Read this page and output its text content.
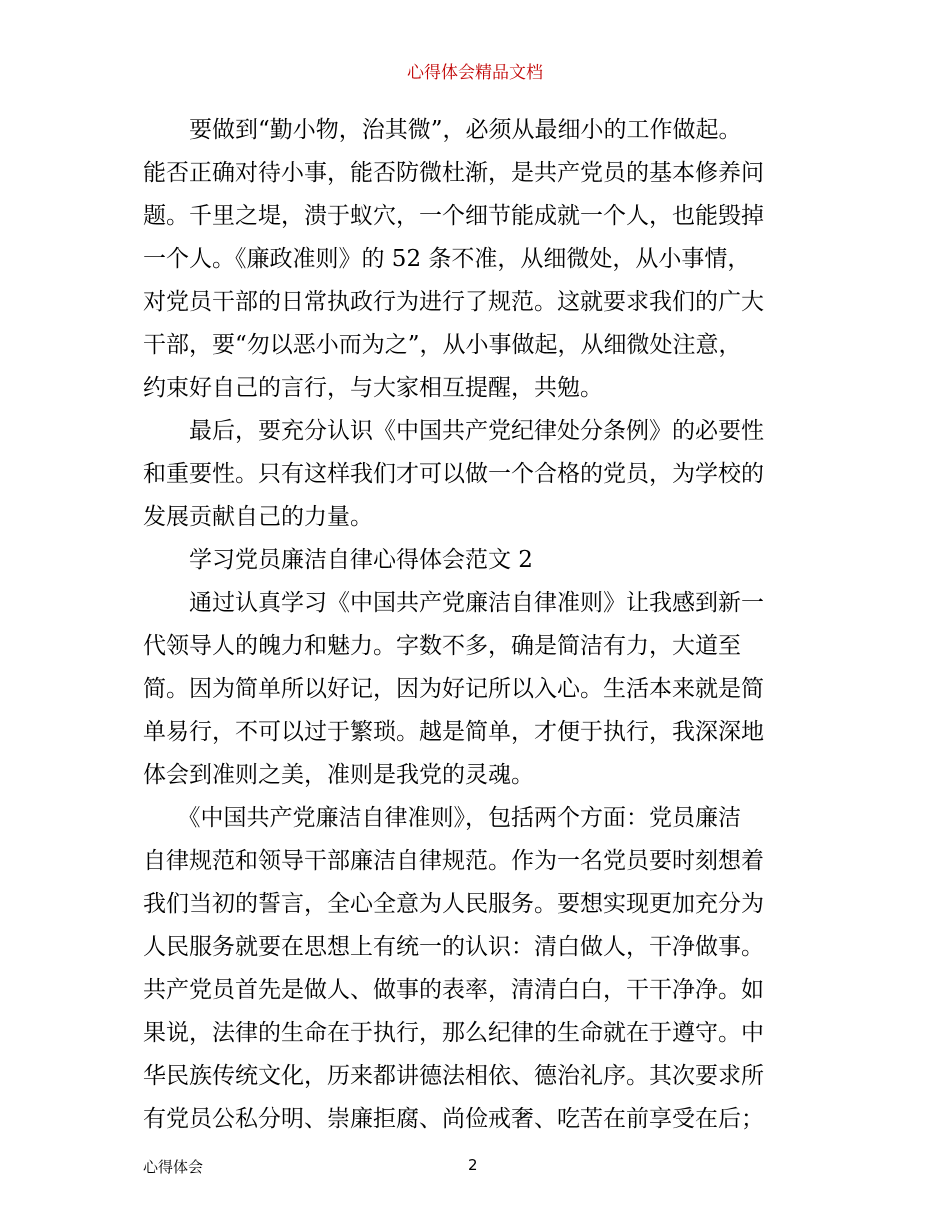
心得体会精品文档
　　要做到“勤小物，治其微”，必须从最细小的工作做起。
能否正确对待小事，能否防微杜渐，是共产党员的基本修养问
题。千里之堤，溃于蚁穴，一个细节能成就一个人，也能毁掉
一个人。《廉政准则》的 52 条不准，从细微处，从小事情，
对党员干部的日常执政行为进行了规范。这就要求我们的广大
干部，要“勿以恶小而为之”，从小事做起，从细微处注意，
约束好自己的言行，与大家相互提醒，共勉。
　　最后，要充分认识《中国共产党纪律处分条例》的必要性
和重要性。只有这样我们才可以做一个合格的党员，为学校的
发展贡献自己的力量。
　　学习党员廉洁自律心得体会范文 2
　　通过认真学习《中国共产党廉洁自律准则》让我感到新一
代领导人的魄力和魅力。字数不多，确是简洁有力，大道至
简。因为简单所以好记，因为好记所以入心。生活本来就是简
单易行，不可以过于繁琐。越是简单，才便于执行，我深深地
体会到准则之美，准则是我党的灵魂。
　　《中国共产党廉洁自律准则》，包括两个方面：党员廉洁
自律规范和领导干部廉洁自律规范。作为一名党员要时刻想着
我们当初的誓言，全心全意为人民服务。要想实现更加充分为
人民服务就要在思想上有统一的认识：清白做人，干净做事。
共产党员首先是做人、做事的表率，清清白白，干干净净。如
果说，法律的生命在于执行，那么纪律的生命就在于遵守。中
华民族传统文化，历来都讲德法相依、德治礼序。其次要求所
有党员公私分明、崇廉拒腐、尚俭戒奢、吃苦在前享受在后；
心得体会	2
